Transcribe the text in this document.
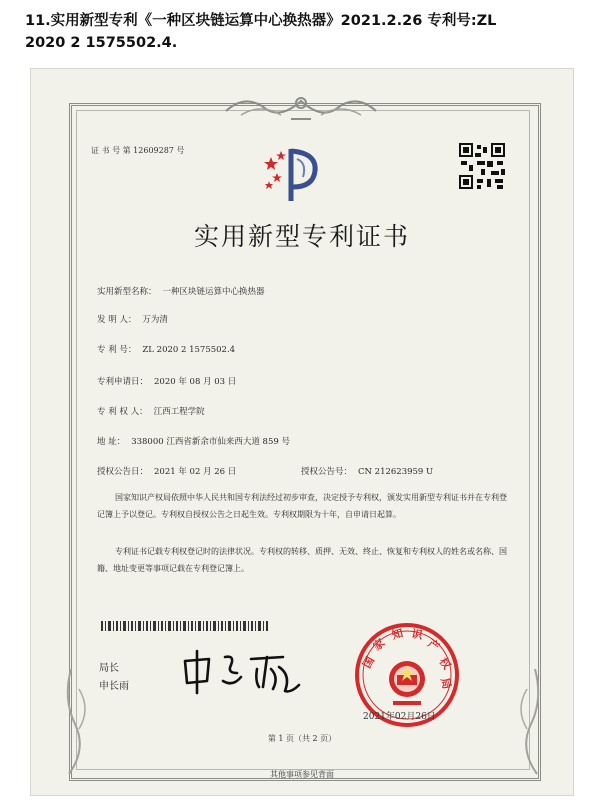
11.实用新型专利《一种区块链运算中心换热器》2021.2.26 专利号:ZL
2020 2 1575502.4.
证 书 号 第 12609287 号
实用新型专利证书
实用新型名称： 一种区块链运算中心换热器
发 明 人： 万为清
专 利 号： ZL 2020 2 1575502.4
专利申请日： 2020 年 08 月 03 日
专 利 权 人： 江西工程学院
地 址： 338000 江西省新余市仙来西大道 859 号
授权公告日： 2021 年 02 月 26 日	授权公告号： CN 212623959 U
国家知识产权局依照中华人民共和国专利法经过初步审查，决定授予专利权，颁发实用新型专利证书并在专利登记簿上予以登记。专利权自授权公告之日起生效。专利权期限为十年，自申请日起算。
专利证书记载专利权登记时的法律状况。专利权的转移、质押、无效、终止、恢复和专利权人的姓名或名称、国籍、地址变更等事项记载在专利登记簿上。
局长
申长雨
国
家
知 识
产
权
局
2021年02月26日
第 1 页（共 2 页）
其他事项参见背面
